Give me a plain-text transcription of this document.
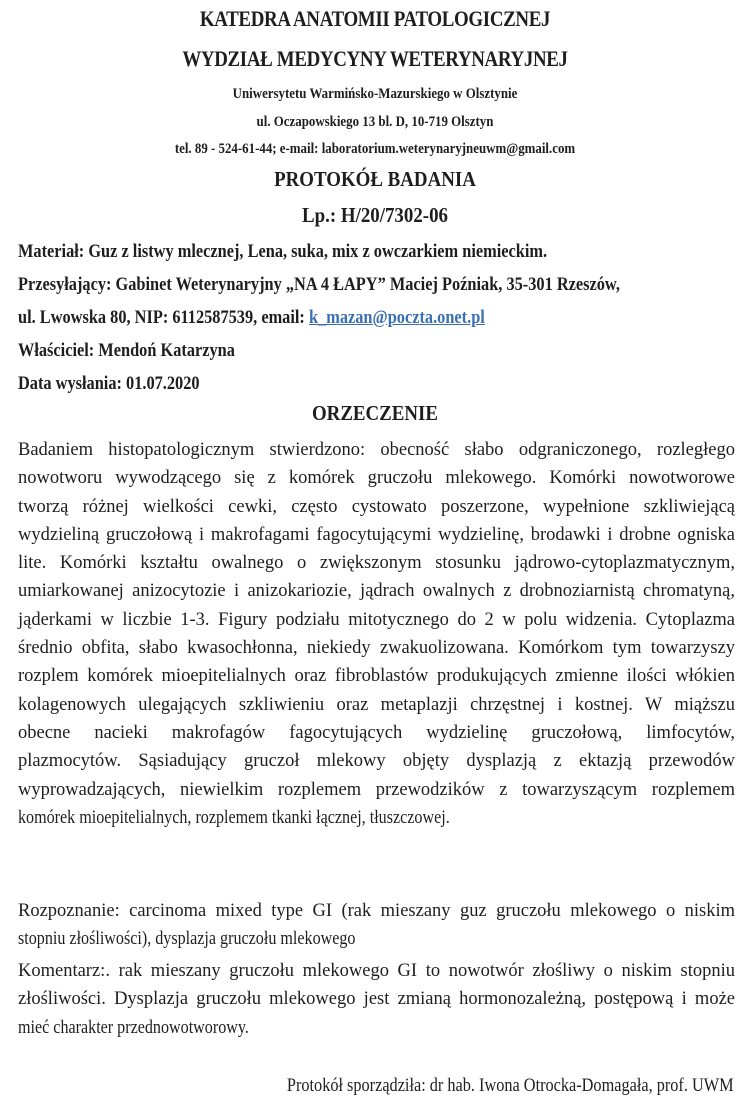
KATEDRA ANATOMII PATOLOGICZNEJ
WYDZIAŁ MEDYCYNY WETERYNARYJNEJ
Uniwersytetu Warmińsko-Mazurskiego w Olsztynie
ul. Oczapowskiego 13 bl. D, 10-719 Olsztyn
tel. 89 - 524-61-44; e-mail: laboratorium.weterynaryjneuwm@gmail.com
PROTOKÓŁ BADANIA
Lp.: H/20/7302-06
Materiał: Guz z listwy mlecznej, Lena, suka, mix z owczarkiem niemieckim.
Przesyłający: Gabinet Weterynaryjny „NA 4 ŁAPY” Maciej Poźniak, 35-301 Rzeszów,
ul. Lwowska 80, NIP: 6112587539, email: k_mazan@poczta.onet.pl
Właściciel: Mendoń Katarzyna
Data wysłania: 01.07.2020
ORZECZENIE
Badaniem histopatologicznym stwierdzono: obecność słabo odgraniczonego, rozległego
nowotworu wywodzącego się z komórek gruczołu mlekowego. Komórki nowotworowe
tworzą różnej wielkości cewki, często cystowato poszerzone, wypełnione szkliwiejącą
wydzieliną gruczołową i makrofagami fagocytującymi wydzielinę, brodawki i drobne ogniska
lite. Komórki kształtu owalnego o zwiększonym stosunku jądrowo-cytoplazmatycznym,
umiarkowanej anizocytozie i anizokariozie, jądrach owalnych z drobnoziarnistą chromatyną,
jąderkami w liczbie 1-3. Figury podziału mitotycznego do 2 w polu widzenia. Cytoplazma
średnio obfita, słabo kwasochłonna, niekiedy zwakuolizowana. Komórkom tym towarzyszy
rozplem komórek mioepitelialnych oraz fibroblastów produkujących zmienne ilości włókien
kolagenowych ulegających szkliwieniu oraz metaplazji chrzęstnej i kostnej. W miąższu
obecne nacieki makrofagów fagocytujących wydzielinę gruczołową, limfocytów,
plazmocytów. Sąsiadujący gruczoł mlekowy objęty dysplazją z ektazją przewodów
wyprowadzających, niewielkim rozplemem przewodzików z towarzyszącym rozplemem
komórek mioepitelialnych, rozplemem tkanki łącznej, tłuszczowej.
Rozpoznanie: carcinoma mixed type GI (rak mieszany guz gruczołu mlekowego o niskim
stopniu złośliwości), dysplazja gruczołu mlekowego
Komentarz:. rak mieszany gruczołu mlekowego GI to nowotwór złośliwy o niskim stopniu
złośliwości. Dysplazja gruczołu mlekowego jest zmianą hormonozależną, postępową i może
mieć charakter przednowotworowy.
Protokół sporządziła: dr hab. Iwona Otrocka-Domagała, prof. UWM
